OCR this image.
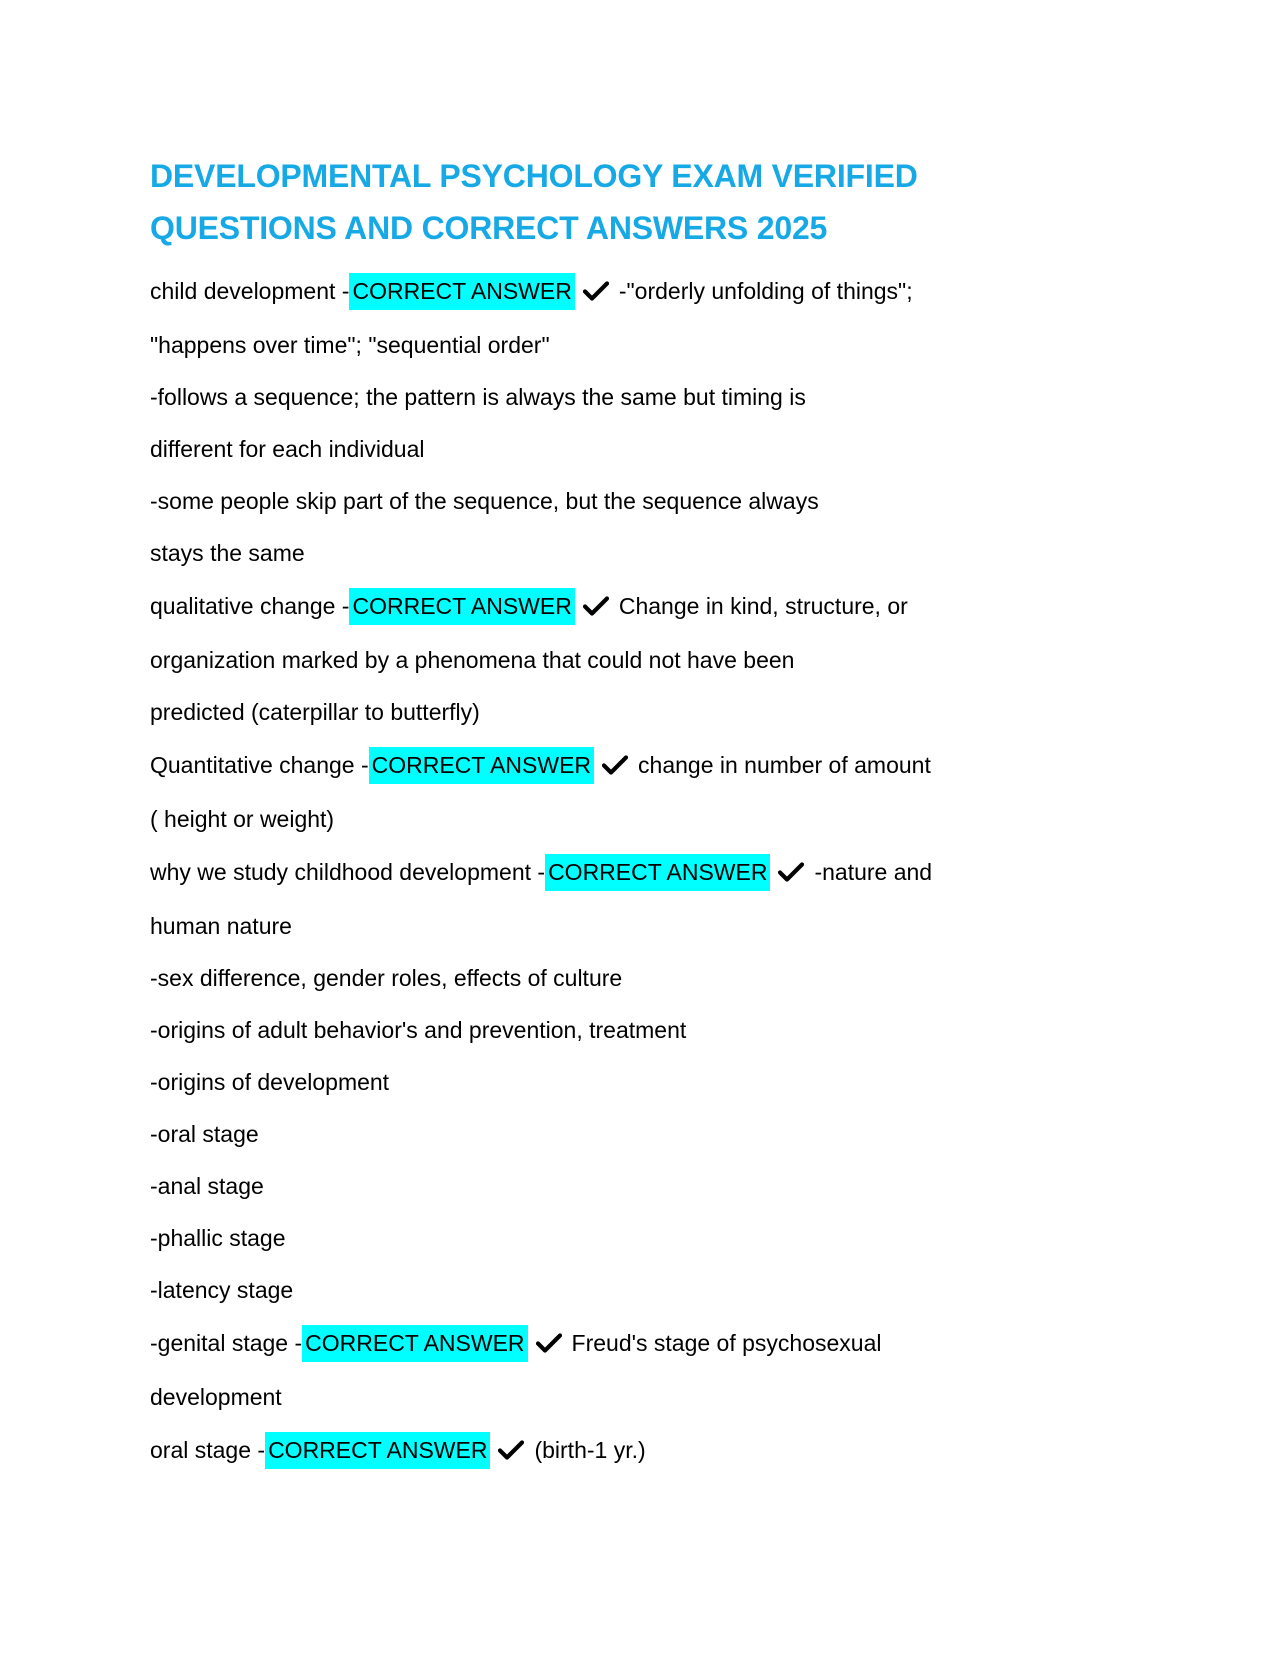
DEVELOPMENTAL PSYCHOLOGY EXAM VERIFIED
QUESTIONS AND CORRECT ANSWERS 2025
child development - CORRECT ANSWER -"orderly unfolding of things";
"happens over time"; "sequential order"
-follows a sequence; the pattern is always the same but timing is
different for each individual
-some people skip part of the sequence, but the sequence always
stays the same
qualitative change - CORRECT ANSWER Change in kind, structure, or
organization marked by a phenomena that could not have been
predicted (caterpillar to butterfly)
Quantitative change - CORRECT ANSWER change in number of amount
( height or weight)
why we study childhood development - CORRECT ANSWER -nature and
human nature
-sex difference, gender roles, effects of culture
-origins of adult behavior's and prevention, treatment
-origins of development
-oral stage
-anal stage
-phallic stage
-latency stage
-genital stage - CORRECT ANSWER Freud's stage of psychosexual
development
oral stage - CORRECT ANSWER (birth-1 yr.)
